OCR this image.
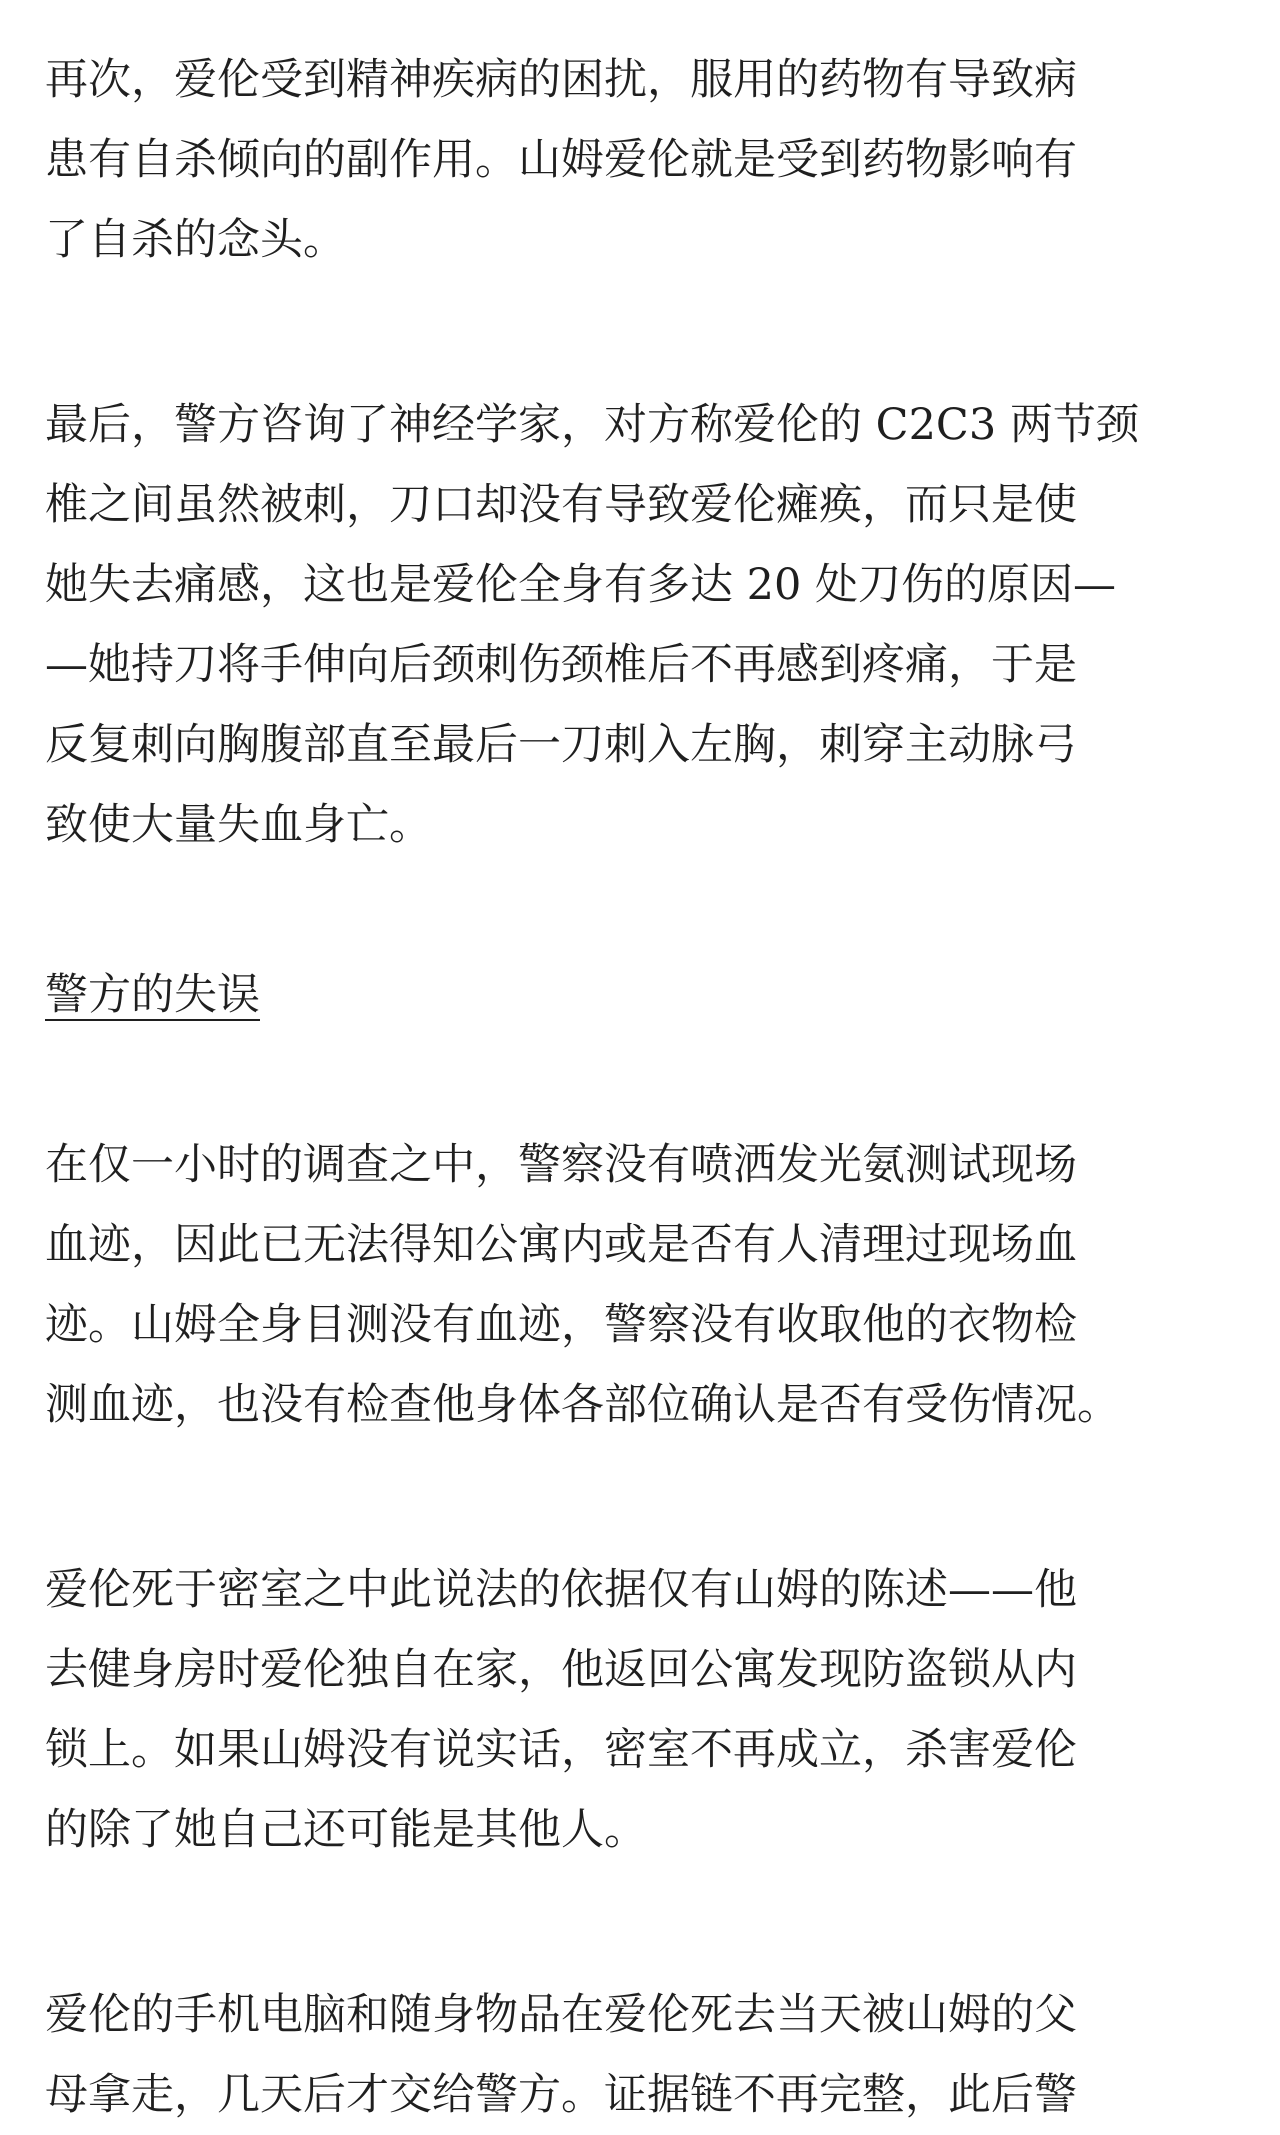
再次，爱伦受到精神疾病的困扰，服用的药物有导致病
患有自杀倾向的副作用。山姆爱伦就是受到药物影响有
了自杀的念头。

最后，警方咨询了神经学家，对方称爱伦的 C2C3 两节颈
椎之间虽然被刺，刀口却没有导致爱伦瘫痪，而只是使
她失去痛感，这也是爱伦全身有多达 20 处刀伤的原因—
—她持刀将手伸向后颈刺伤颈椎后不再感到疼痛，于是
反复刺向胸腹部直至最后一刀刺入左胸，刺穿主动脉弓
致使大量失血身亡。

警方的失误

在仅一小时的调查之中，警察没有喷洒发光氨测试现场
血迹，因此已无法得知公寓内或是否有人清理过现场血
迹。山姆全身目测没有血迹，警察没有收取他的衣物检
测血迹，也没有检查他身体各部位确认是否有受伤情况。

爱伦死于密室之中此说法的依据仅有山姆的陈述——他
去健身房时爱伦独自在家，他返回公寓发现防盗锁从内
锁上。如果山姆没有说实话，密室不再成立，杀害爱伦
的除了她自己还可能是其他人。

爱伦的手机电脑和随身物品在爱伦死去当天被山姆的父
母拿走，几天后才交给警方。证据链不再完整，此后警
